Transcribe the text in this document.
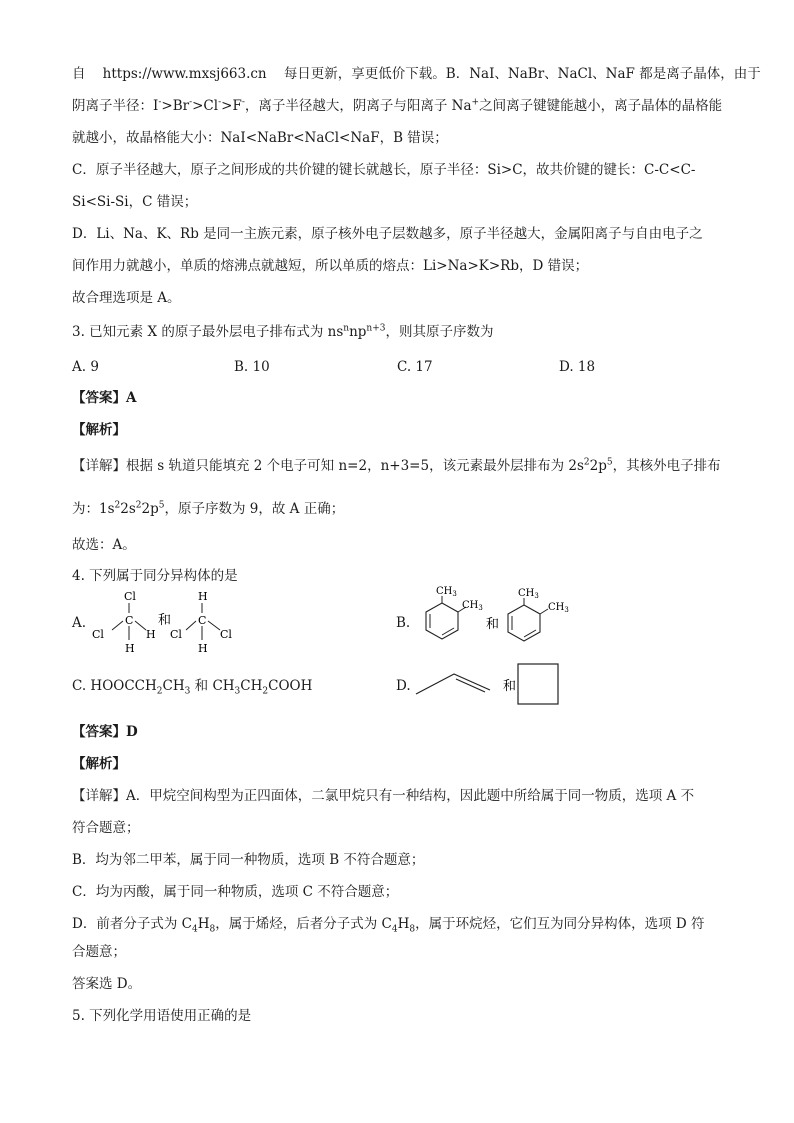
自 https://www.mxsj663.cn 每日更新，享更低价下载。B．NaI、NaBr、NaCl、NaF 都是离子晶体，由于
阴离子半径：I->Br->Cl->F-，离子半径越大，阴离子与阳离子 Na+之间离子键键能越小，离子晶体的晶格能
就越小，故晶格能大小：NaI<NaBr<NaCl<NaF，B 错误；
C．原子半径越大，原子之间形成的共价键的键长就越长，原子半径：Si>C，故共价键的键长：C-C<C-
Si<Si-Si，C 错误；
D．Li、Na、K、Rb 是同一主族元素，原子核外电子层数越多，原子半径越大，金属阳离子与自由电子之
间作用力就越小，单质的熔沸点就越短，所以单质的熔点：Li>Na>K>Rb，D 错误；
故合理选项是 A。
3. 已知元素 X 的原子最外层电子排布式为 $ns^nnp^{n+3}$，则其原子序数为
A. 9	B. 10	C. 17	D. 18
【答案】A
【解析】
【详解】根据 s 轨道只能填充 2 个电子可知 n=2，n+3=5，该元素最外层排布为 $2s^22p^5$，其核外电子排布
为：$1s^22s^22p^5$，原子序数为 9，故 A 正确；
故选：A。
4. 下列属于同分异构体的是
A.
Cl
C
Cl	H
H
和
H
C
Cl	Cl
H
B.
$CH_3$
$CH_3$
和
$CH_3$
$CH_3$
C. $HOOCCH_2CH_3$ 和 $CH_3CH_2COOH$	D.	和
【答案】D
【解析】
【详解】A．甲烷空间构型为正四面体，二氯甲烷只有一种结构，因此题中所给属于同一物质，选项 A 不
符合题意；
B．均为邻二甲苯，属于同一种物质，选项 B 不符合题意；
C．均为丙酸，属于同一种物质，选项 C 不符合题意；
D．前者分子式为 $C_4H_8$，属于烯烃，后者分子式为 $C_4H_8$，属于环烷烃，它们互为同分异构体，选项 D 符
合题意；
答案选 D。
5. 下列化学用语使用正确的是
